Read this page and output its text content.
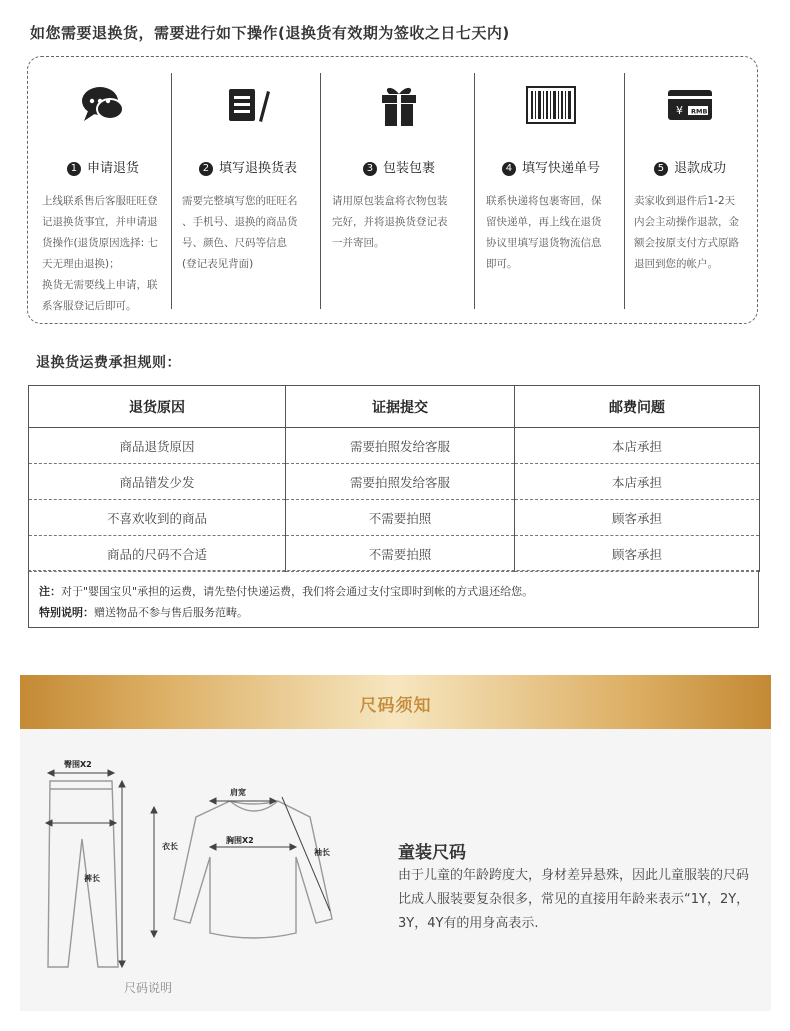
如您需要退换货，需要进行如下操作(退换货有效期为签收之日七天内)
1 申请退货
上线联系售后客服旺旺登
记退换货事宜，并申请退
货操作(退货原因选择: 七
天无理由退换)；
换货无需要线上申请，联
系客服登记后即可。
2 填写退换货表
需要完整填写您的旺旺名
、手机号、退换的商品货
号、颜色、尺码等信息
(登记表见背面)
3 包装包裹
请用原包装盒将衣物包装
完好，并将退换货登记表
一并寄回。
4 填写快递单号
联系快递将包裹寄回，保
留快递单，再上线在退货
协议里填写退货物流信息
即可。
¥ RMB
5 退款成功
卖家收到退件后1-2天
内会主动操作退款，金
额会按原支付方式原路
退回到您的帐户。
退换货运费承担规则：
退货原因	证据提交	邮费问题
商品退货原因	需要拍照发给客服	本店承担
商品错发少发	需要拍照发给客服	本店承担
不喜欢收到的商品	不需要拍照	顾客承担
商品的尺码不合适	不需要拍照	顾客承担
注：对于"婴国宝贝"承担的运费，请先垫付快递运费，我们将会通过支付宝即时到帐的方式退还给您。
特别说明：赠送物品不参与售后服务范畴。
尺码须知
臀围X2
裤长
肩宽
胸围X2
衣长
袖长
尺码说明
童装尺码
由于儿童的年龄跨度大，身材差异悬殊，因此儿童服装的尺码比成人服装要复杂很多，常见的直接用年龄来表示“1Y，2Y，3Y，4Y有的用身高表示.
